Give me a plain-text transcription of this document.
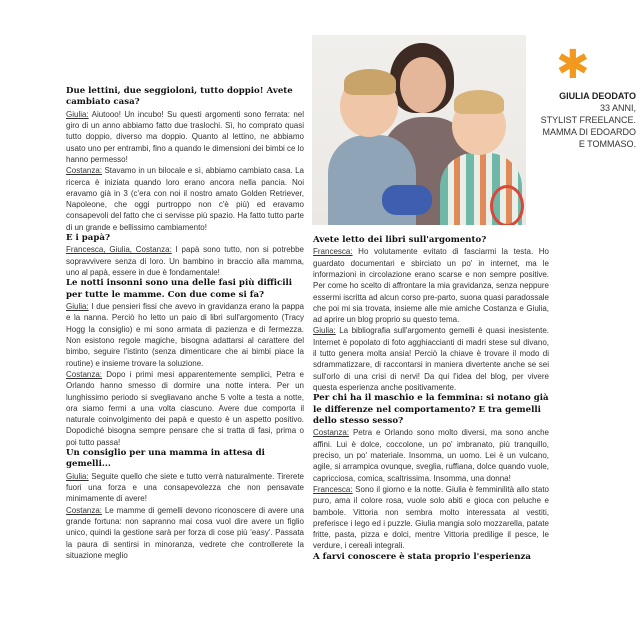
✱
GIULIA DEODATO
33 ANNI,
STYLIST FREELANCE.
MAMMA DI EDOARDO
E TOMMASO.

Due lettini, due seggioloni, tutto doppio! Avete cambiato casa?

Giulia: Aiutooo! Un incubo! Su questi argomenti sono ferrata: nel giro di un anno abbiamo fatto due traslochi. Sì, ho comprato quasi tutto doppio, diverso ma doppio. Quanto al lettino, ne abbiamo usato uno per entrambi, fino a quando le dimensioni dei bimbi ce lo hanno permesso!

Costanza: Stavamo in un bilocale e sì, abbiamo cambiato casa. La ricerca è iniziata quando loro erano ancora nella pancia. Noi eravamo già in 3 (c'era con noi il nostro amato Golden Retriever, Napoleone, che oggi purtroppo non c'è più) ed eravamo consapevoli del fatto che ci servisse più spazio. Ha fatto tutto parte di un grande e bellissimo cambiamento!

E i papà?

Francesca, Giulia, Costanza: I papà sono tutto, non si potrebbe sopravvivere senza di loro. Un bambino in braccio alla mamma, uno al papà, essere in due è fondamentale!

Le notti insonni sono una delle fasi più difficili per tutte le mamme. Con due come si fa?

Giulia: I due pensieri fissi che avevo in gravidanza erano la pappa e la nanna. Perciò ho letto un paio di libri sull'argomento (Tracy Hogg la consiglio) e mi sono armata di pazienza e di fermezza. Non esistono regole magiche, bisogna adattarsi al carattere del bimbo, seguire l'istinto (senza dimenticare che ai bimbi piace la routine) e insieme trovare la soluzione.

Costanza: Dopo i primi mesi apparentemente semplici, Petra e Orlando hanno smesso di dormire una notte intera. Per un lunghissimo periodo si svegliavano anche 5 volte a testa a notte, ora siamo fermi a una volta ciascuno. Avere due comporta il naturale coinvolgimento dei papà e questo è un aspetto positivo. Dopodiché bisogna sempre pensare che si tratta di fasi, prima o poi tutto passa!

Un consiglio per una mamma in attesa di gemelli...

Giulia: Seguite quello che siete e tutto verrà naturalmente. Tirerete fuori una forza e una consapevolezza che non pensavate minimamente di avere!

Costanza: Le mamme di gemelli devono riconoscere di avere una grande fortuna: non sapranno mai cosa vuol dire avere un figlio unico, quindi la gestione sarà per forza di cose più 'easy'. Passata la paura di sentirsi in minoranza, vedrete che controllerete la situazione meglio

Avete letto dei libri sull'argomento?

Francesca: Ho volutamente evitato di fasciarmi la testa. Ho guardato documentari e sbirciato un po' in internet, ma le informazioni in circolazione erano scarse e non sempre positive. Per come ho scelto di affrontare la mia gravidanza, senza neppure essermi iscritta ad alcun corso pre-parto, suona quasi paradossale che poi mi sia trovata, insieme alle mie amiche Costanza e Giulia, ad aprire un blog proprio su questo tema.

Giulia: La bibliografia sull'argomento gemelli è quasi inesistente. Internet è popolato di foto agghiaccianti di madri stese sul divano, il tutto genera molta ansia! Perciò la chiave è trovare il modo di sdrammatizzare, di raccontarsi in maniera divertente anche se sei sull'orlo di una crisi di nervi! Da qui l'idea del blog, per vivere questa esperienza anche positivamente.

Per chi ha il maschio e la femmina: si notano già le differenze nel comportamento? E tra gemelli dello stesso sesso?

Costanza: Petra e Orlando sono molto diversi, ma sono anche affini. Lui è dolce, coccolone, un po' imbranato, più tranquillo, preciso, un po' materiale. Insomma, un uomo. Lei è un vulcano, agile, si arrampica ovunque, sveglia, ruffiana, dolce quando vuole, capricciosa, comica, scaltrissima. Insomma, una donna!

Francesca: Sono il giorno e la notte. Giulia è femminilità allo stato puro, ama il colore rosa, vuole solo abiti e gioca con peluche e bambole. Vittoria non sembra molto interessata al vestiti, preferisce i lego ed i puzzle. Giulia mangia solo mozzarella, patate fritte, pasta, pizza e dolci, mentre Vittoria predilige il pesce, le verdure, i cereali integrali.

A farvi conoscere è stata proprio l'esperienza
